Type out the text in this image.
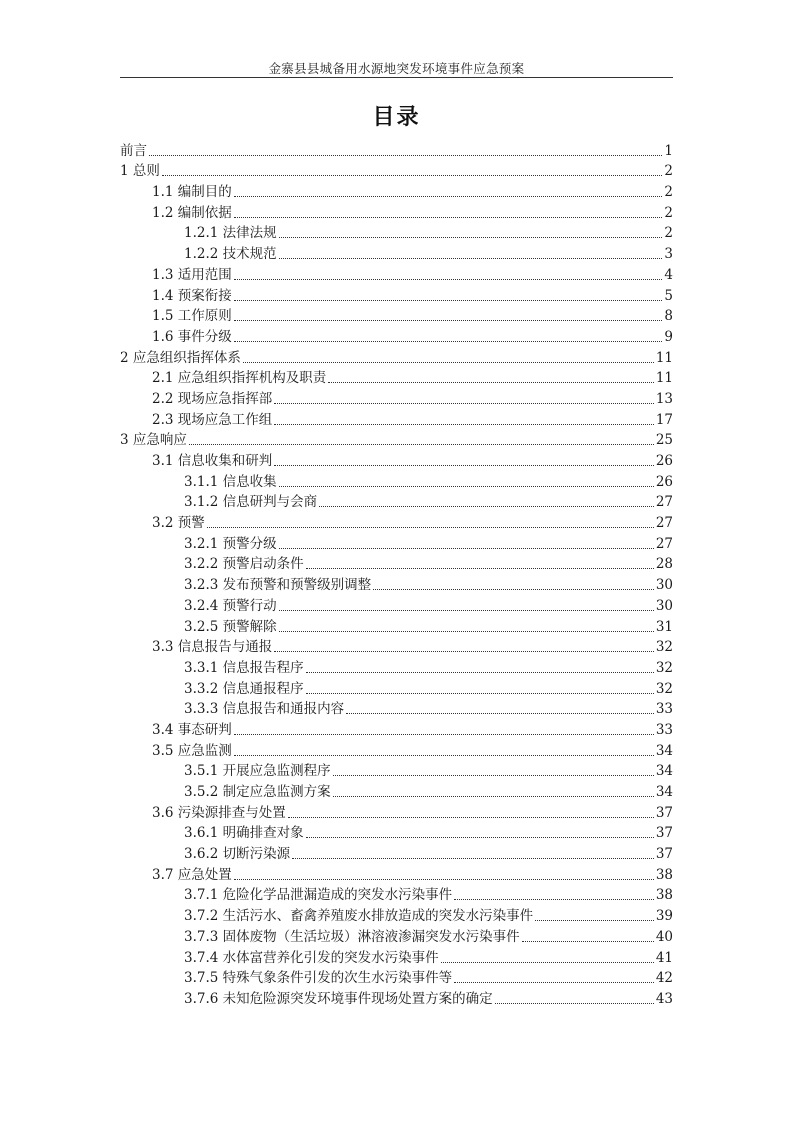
金寨县县城备用水源地突发环境事件应急预案
目录
前言	1
1 总则	2
1.1 编制目的	2
1.2 编制依据	2
1.2.1 法律法规	2
1.2.2 技术规范	3
1.3 适用范围	4
1.4 预案衔接	5
1.5 工作原则	8
1.6 事件分级	9
2 应急组织指挥体系	11
2.1 应急组织指挥机构及职责	11
2.2 现场应急指挥部	13
2.3 现场应急工作组	17
3 应急响应	25
3.1 信息收集和研判	26
3.1.1 信息收集	26
3.1.2 信息研判与会商	27
3.2 预警	27
3.2.1 预警分级	27
3.2.2 预警启动条件	28
3.2.3 发布预警和预警级别调整	30
3.2.4 预警行动	30
3.2.5 预警解除	31
3.3 信息报告与通报	32
3.3.1 信息报告程序	32
3.3.2 信息通报程序	32
3.3.3 信息报告和通报内容	33
3.4 事态研判	33
3.5 应急监测	34
3.5.1 开展应急监测程序	34
3.5.2 制定应急监测方案	34
3.6 污染源排查与处置	37
3.6.1 明确排查对象	37
3.6.2 切断污染源	37
3.7 应急处置	38
3.7.1 危险化学品泄漏造成的突发水污染事件	38
3.7.2 生活污水、畜禽养殖废水排放造成的突发水污染事件	39
3.7.3 固体废物（生活垃圾）淋溶液渗漏突发水污染事件	40
3.7.4 水体富营养化引发的突发水污染事件	41
3.7.5 特殊气象条件引发的次生水污染事件等	42
3.7.6 未知危险源突发环境事件现场处置方案的确定	43
